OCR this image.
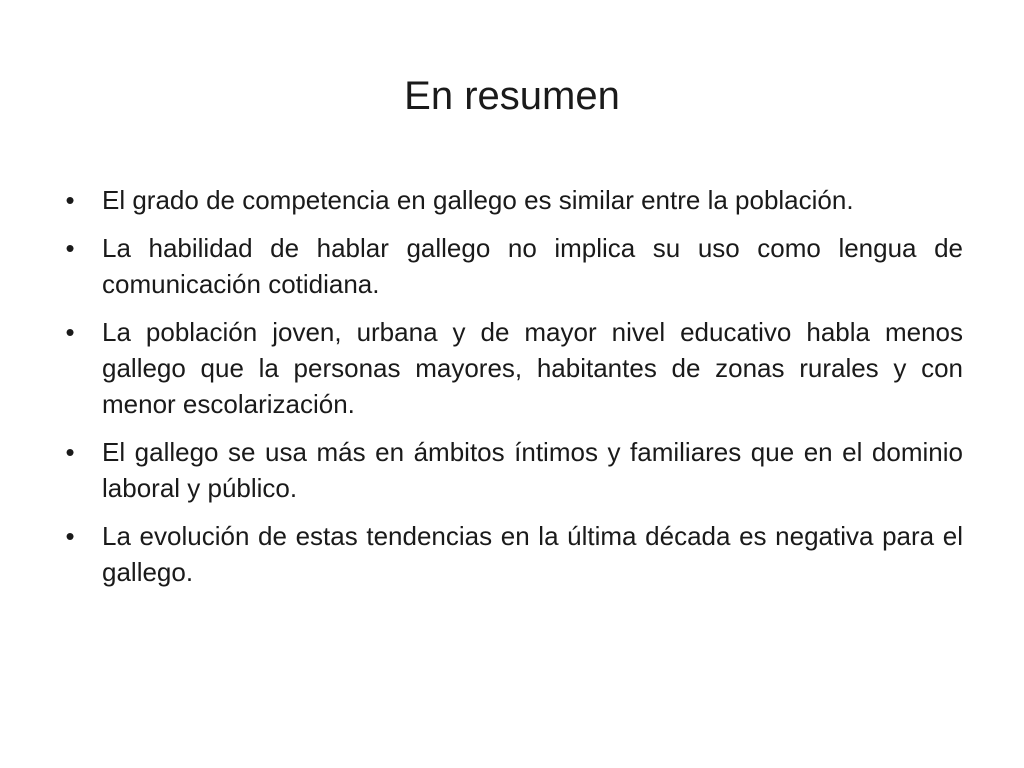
En resumen
• El grado de competencia en gallego es similar entre la población.
• La habilidad de hablar gallego no implica su uso como lengua de comunicación cotidiana.
• La población joven, urbana y de mayor nivel educativo habla menos gallego que la personas mayores, habitantes de zonas rurales y con menor escolarización.
• El gallego se usa más en ámbitos íntimos y familiares que en el dominio laboral y público.
• La evolución de estas tendencias en la última década es negativa para el gallego.
